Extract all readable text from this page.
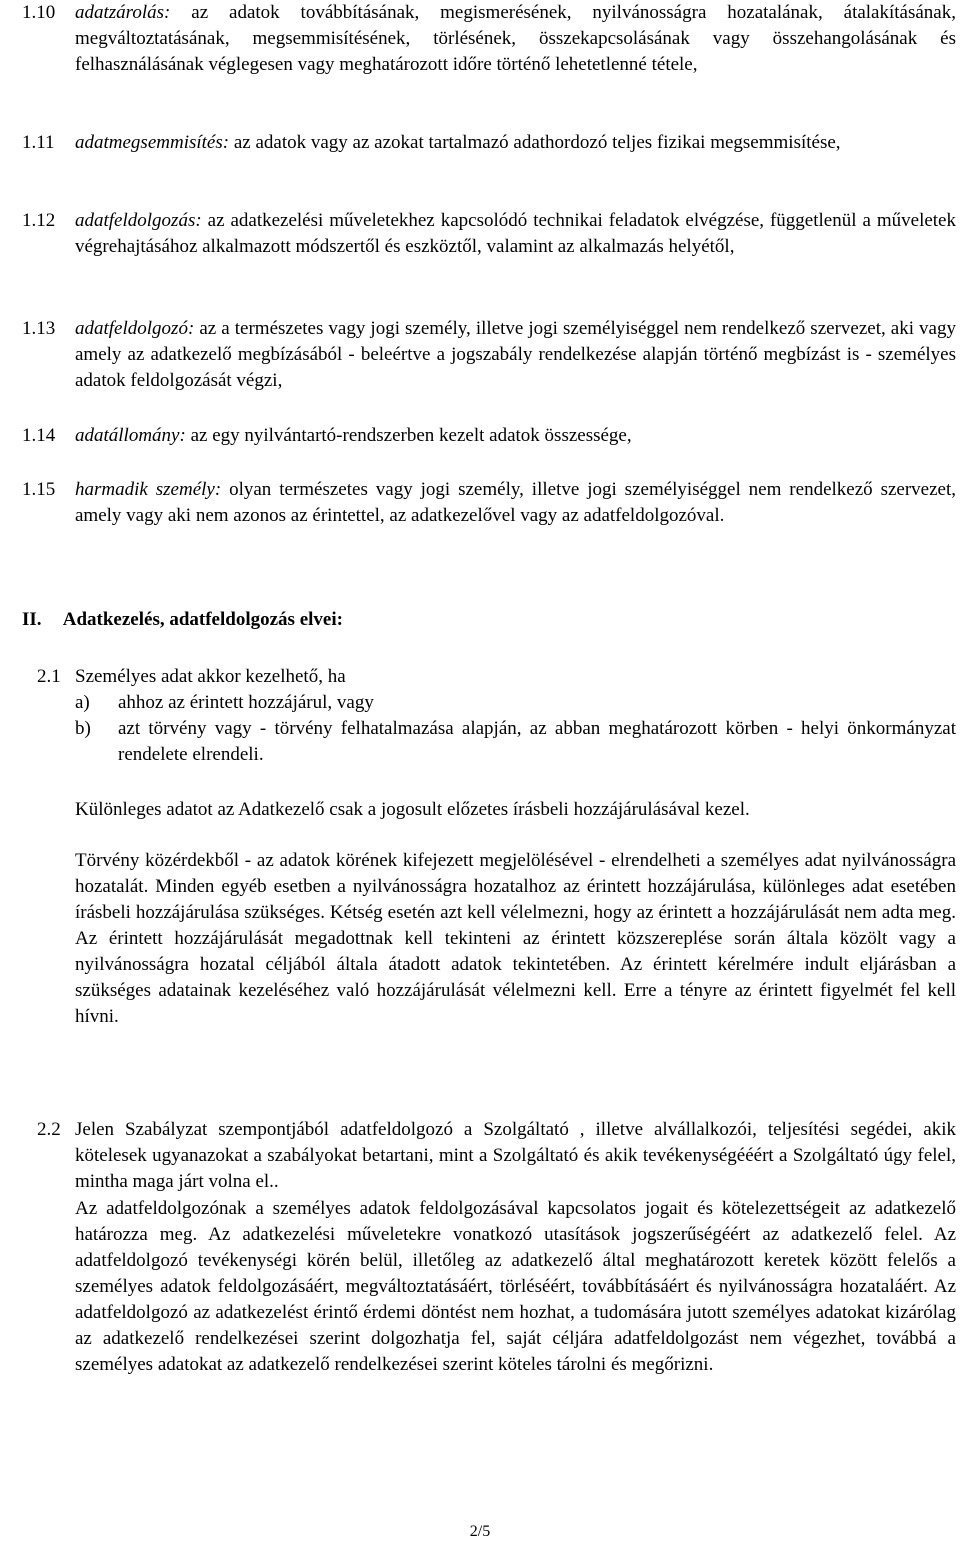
1.10 adatzárolás: az adatok továbbításának, megismerésének, nyilvánosságra hozatalának, átalakításának, megváltoztatásának, megsemmisítésének, törlésének, összekapcsolásának vagy összehangolásának és felhasználásának véglegesen vagy meghatározott időre történő lehetetlenné tétele,
1.11 adatmegsemmisítés: az adatok vagy az azokat tartalmazó adathordozó teljes fizikai megsemmisítése,
1.12 adatfeldolgozás: az adatkezelési műveletekhez kapcsolódó technikai feladatok elvégzése, függetlenül a műveletek végrehajtásához alkalmazott módszertől és eszköztől, valamint az alkalmazás helyétől,
1.13 adatfeldolgozó: az a természetes vagy jogi személy, illetve jogi személyiséggel nem rendelkező szervezet, aki vagy amely az adatkezelő megbízásából - beleértve a jogszabály rendelkezése alapján történő megbízást is - személyes adatok feldolgozását végzi,
1.14 adatállomány: az egy nyilvántartó-rendszerben kezelt adatok összessége,
1.15 harmadik személy: olyan természetes vagy jogi személy, illetve jogi személyiséggel nem rendelkező szervezet, amely vagy aki nem azonos az érintettel, az adatkezelővel vagy az adatfeldolgozóval.
II. Adatkezelés, adatfeldolgozás elvei:
2.1 Személyes adat akkor kezelhető, ha
a) ahhoz az érintett hozzájárul, vagy
b) azt törvény vagy - törvény felhatalmazása alapján, az abban meghatározott körben - helyi önkormányzat rendelete elrendeli.
Különleges adatot az Adatkezelő csak a jogosult előzetes írásbeli hozzájárulásával kezel.
Törvény közérdekből - az adatok körének kifejezett megjelölésével - elrendelheti a személyes adat nyilvánosságra hozatalát. Minden egyéb esetben a nyilvánosságra hozatalhoz az érintett hozzájárulása, különleges adat esetében írásbeli hozzájárulása szükséges. Kétség esetén azt kell vélelmezni, hogy az érintett a hozzájárulását nem adta meg. Az érintett hozzájárulását megadottnak kell tekinteni az érintett közszereplése során általa közölt vagy a nyilvánosságra hozatal céljából általa átadott adatok tekintetében. Az érintett kérelmére indult eljárásban a szükséges adatainak kezeléséhez való hozzájárulását vélelmezni kell. Erre a tényre az érintett figyelmét fel kell hívni.
2.2 Jelen Szabályzat szempontjából adatfeldolgozó a Szolgáltató , illetve alvállalkozói, teljesítési segédei, akik kötelesek ugyanazokat a szabályokat betartani, mint a Szolgáltató és akik tevékenységééért a Szolgáltató úgy felel, mintha maga járt volna el..
Az adatfeldolgozónak a személyes adatok feldolgozásával kapcsolatos jogait és kötelezettségeit az adatkezelő határozza meg. Az adatkezelési műveletekre vonatkozó utasítások jogszerűségéért az adatkezelő felel. Az adatfeldolgozó tevékenységi körén belül, illetőleg az adatkezelő által meghatározott keretek között felelős a személyes adatok feldolgozásáért, megváltoztatásáért, törléséért, továbbításáért és nyilvánosságra hozataláért. Az adatfeldolgozó az adatkezelést érintő érdemi döntést nem hozhat, a tudomására jutott személyes adatokat kizárólag az adatkezelő rendelkezései szerint dolgozhatja fel, saját céljára adatfeldolgozást nem végezhet, továbbá a személyes adatokat az adatkezelő rendelkezései szerint köteles tárolni és megőrizni.
2/5
